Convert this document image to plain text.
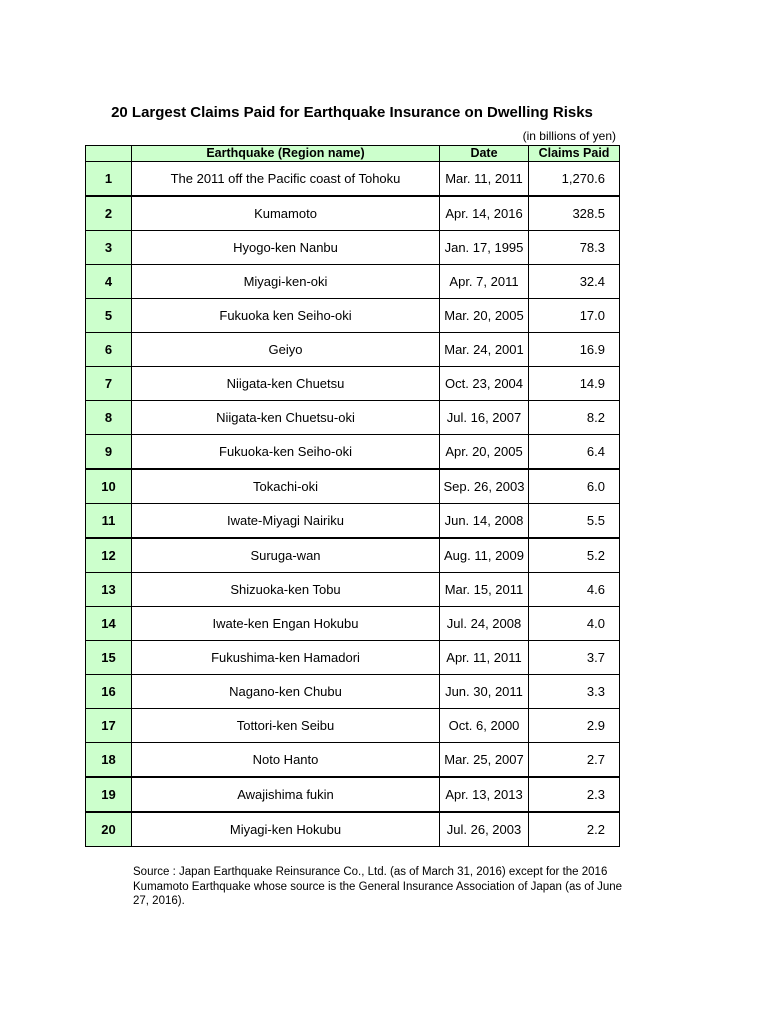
20 Largest Claims Paid for Earthquake Insurance on Dwelling Risks
(in billions of yen)
	Earthquake (Region name)	Date	Claims Paid
1	The 2011 off the Pacific coast of Tohoku	Mar. 11, 2011	1,270.6
2	Kumamoto	Apr. 14, 2016	328.5
3	Hyogo-ken Nanbu	Jan. 17, 1995	78.3
4	Miyagi-ken-oki	Apr. 7, 2011	32.4
5	Fukuoka ken Seiho-oki	Mar. 20, 2005	17.0
6	Geiyo	Mar. 24, 2001	16.9
7	Niigata-ken Chuetsu	Oct. 23, 2004	14.9
8	Niigata-ken Chuetsu-oki	Jul. 16, 2007	8.2
9	Fukuoka-ken Seiho-oki	Apr. 20, 2005	6.4
10	Tokachi-oki	Sep. 26, 2003	6.0
11	Iwate-Miyagi Nairiku	Jun. 14, 2008	5.5
12	Suruga-wan	Aug. 11, 2009	5.2
13	Shizuoka-ken Tobu	Mar. 15, 2011	4.6
14	Iwate-ken Engan Hokubu	Jul. 24, 2008	4.0
15	Fukushima-ken Hamadori	Apr. 11, 2011	3.7
16	Nagano-ken Chubu	Jun. 30, 2011	3.3
17	Tottori-ken Seibu	Oct. 6, 2000	2.9
18	Noto Hanto	Mar. 25, 2007	2.7
19	Awajishima fukin	Apr. 13, 2013	2.3
20	Miyagi-ken Hokubu	Jul. 26, 2003	2.2
Source : Japan Earthquake Reinsurance Co., Ltd. (as of March 31, 2016) except for the 2016 Kumamoto Earthquake whose source is the General Insurance Association of Japan (as of June 27, 2016).
